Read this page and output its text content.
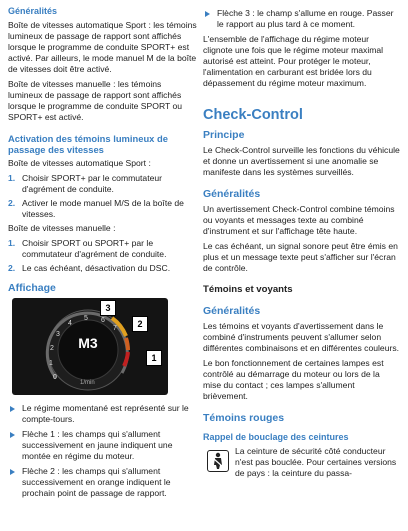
Généralités

Boîte de vitesses automatique Sport : les témoins lumineux de passage de rapport sont affichés lorsque le programme de conduite SPORT+ est activé. Par ailleurs, le mode manuel M de la boîte de vitesses doit être activé.

Boîte de vitesses manuelle : les témoins lumineux de passage de rapport sont affichés lorsque le programme de conduite SPORT ou SPORT+ est activé.

Activation des témoins lumineux de passage des vitesses

Boîte de vitesses automatique Sport :

1. Choisir SPORT+ par le commutateur d'agrément de conduite.
2. Activer le mode manuel M/S de la boîte de vitesses.

Boîte de vitesses manuelle :

1. Choisir SPORT ou SPORT+ par le commutateur d'agrément de conduite.
2. Le cas échéant, désactivation du DSC.
Affichage
0
1
2
3
4
5 6
7
M3
1/min
3
2
1
Le régime momentané est représenté sur le compte-tours.
Flèche 1 : les champs qui s'allument successivement en jaune indiquent une montée en régime du moteur.
Flèche 2 : les champs qui s'allument successivement en orange indiquent le prochain point de passage de rapport.
Flèche 3 : le champ s'allume en rouge. Passer le rapport au plus tard à ce moment.

L'ensemble de l'affichage du régime moteur clignote une fois que le régime moteur maximal autorisé est atteint. Pour protéger le moteur, l'alimentation en carburant est bridée lors du dépassement du régime moteur maximum.

Check-Control
Principe

Le Check-Control surveille les fonctions du véhicule et donne un avertissement si une anomalie se manifeste dans les systèmes surveillés.

Généralités

Un avertissement Check-Control combine témoins ou voyants et messages texte au combiné d'instrument et sur l'affichage tête haute.

Le cas échéant, un signal sonore peut être émis en plus et un message texte peut s'afficher sur l'écran de contrôle.

Témoins et voyants
Généralités

Les témoins et voyants d'avertissement dans le combiné d'instruments peuvent s'allumer selon différentes combinaisons et en différentes couleurs.

Le bon fonctionnement de certaines lampes est contrôlé au démarrage du moteur ou lors de la mise du contact ; ces lampes s'allument brièvement.

Témoins rouges
Rappel de bouclage des ceintures
La ceinture de sécurité côté conducteur n'est pas bouclée. Pour certaines versions de pays : la ceinture du passa-
